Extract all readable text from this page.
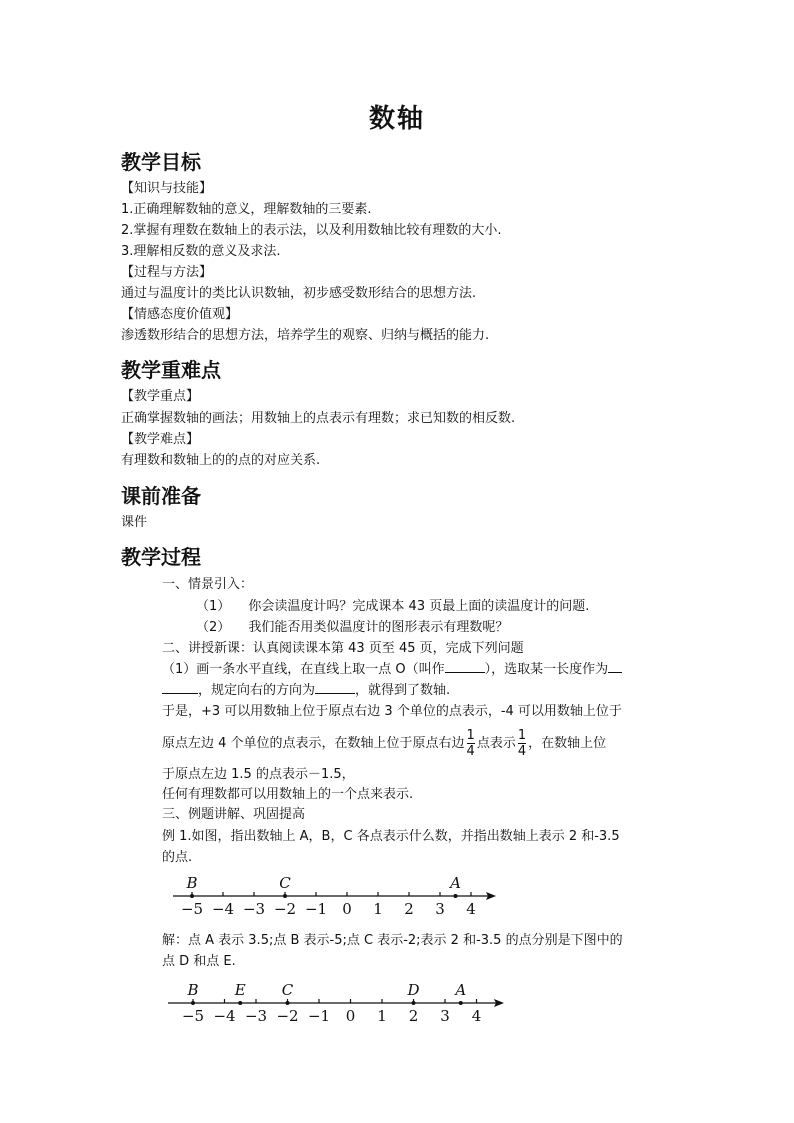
数轴
教学目标
【知识与技能】
1.正确理解数轴的意义，理解数轴的三要素.
2.掌握有理数在数轴上的表示法，以及利用数轴比较有理数的大小.
3.理解相反数的意义及求法.
【过程与方法】
通过与温度计的类比认识数轴，初步感受数形结合的思想方法.
【情感态度价值观】
渗透数形结合的思想方法，培养学生的观察、归纳与概括的能力.
教学重难点
【教学重点】
正确掌握数轴的画法；用数轴上的点表示有理数；求已知数的相反数.
【教学难点】
有理数和数轴上的的点的对应关系.
课前准备
课件
教学过程
一、情景引入：
（1） 你会读温度计吗？完成课本 43 页最上面的读温度计的问题.
（2） 我们能否用类似温度计的图形表示有理数呢？
二、讲授新课：认真阅读课本第 43 页至 45 页，完成下列问题
（1）画一条水平直线，在直线上取一点 O（叫作	），选取某一长度作为
，规定向右的方向为	，就得到了数轴.
于是，+3 可以用数轴上位于原点右边 3 个单位的点表示，-4 可以用数轴上位于
原点左边 4 个单位的点表示，在数轴上位于原点右边 $\frac{1}{4}$ 点表示 $\frac{1}{4}$ ，在数轴上位
于原点左边 1.5 的点表示－1.5，
任何有理数都可以用数轴上的一个点来表示.
三、例题讲解、巩固提高
例 1.如图，指出数轴上 A，B，C 各点表示什么数，并指出数轴上表示 2 和-3.5
的点.
−5 −4 −3 −2 −1 0 1 2 3 4
B	C	A
解：点 A 表示 3.5;点 B 表示-5;点 C 表示-2;表示 2 和-3.5 的点分别是下图中的
点 D 和点 E.
−5 −4 −3 −2 −1 0 1 2 3 4
B E C	D A
